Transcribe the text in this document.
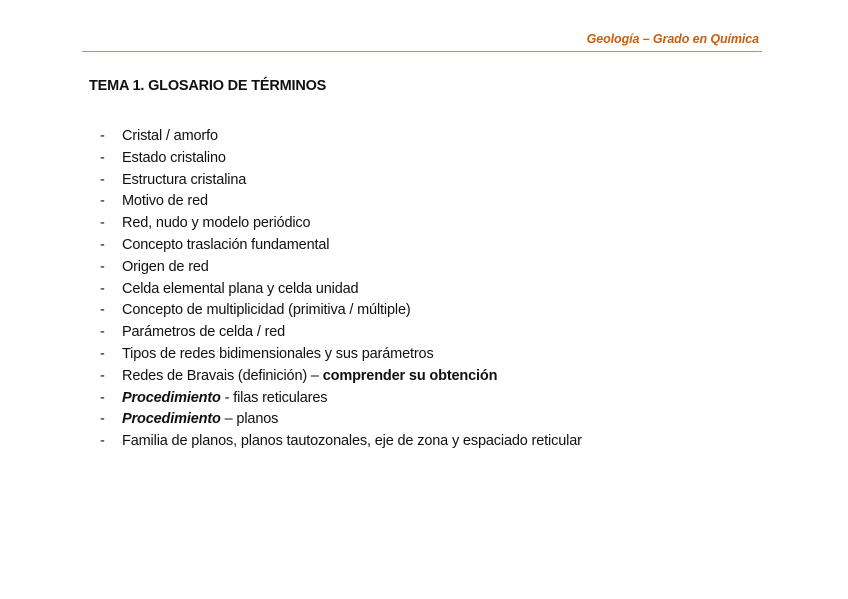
Geología – Grado en Química
TEMA 1. GLOSARIO DE TÉRMINOS
- Cristal / amorfo
- Estado cristalino
- Estructura cristalina
- Motivo de red
- Red, nudo y modelo periódico
- Concepto traslación fundamental
- Origen de red
- Celda elemental plana y celda unidad
- Concepto de multiplicidad (primitiva / múltiple)
- Parámetros de celda / red
- Tipos de redes bidimensionales y sus parámetros
- Redes de Bravais (definición) – comprender su obtención
- Procedimiento - filas reticulares
- Procedimiento – planos
- Familia de planos, planos tautozonales, eje de zona y espaciado reticular
